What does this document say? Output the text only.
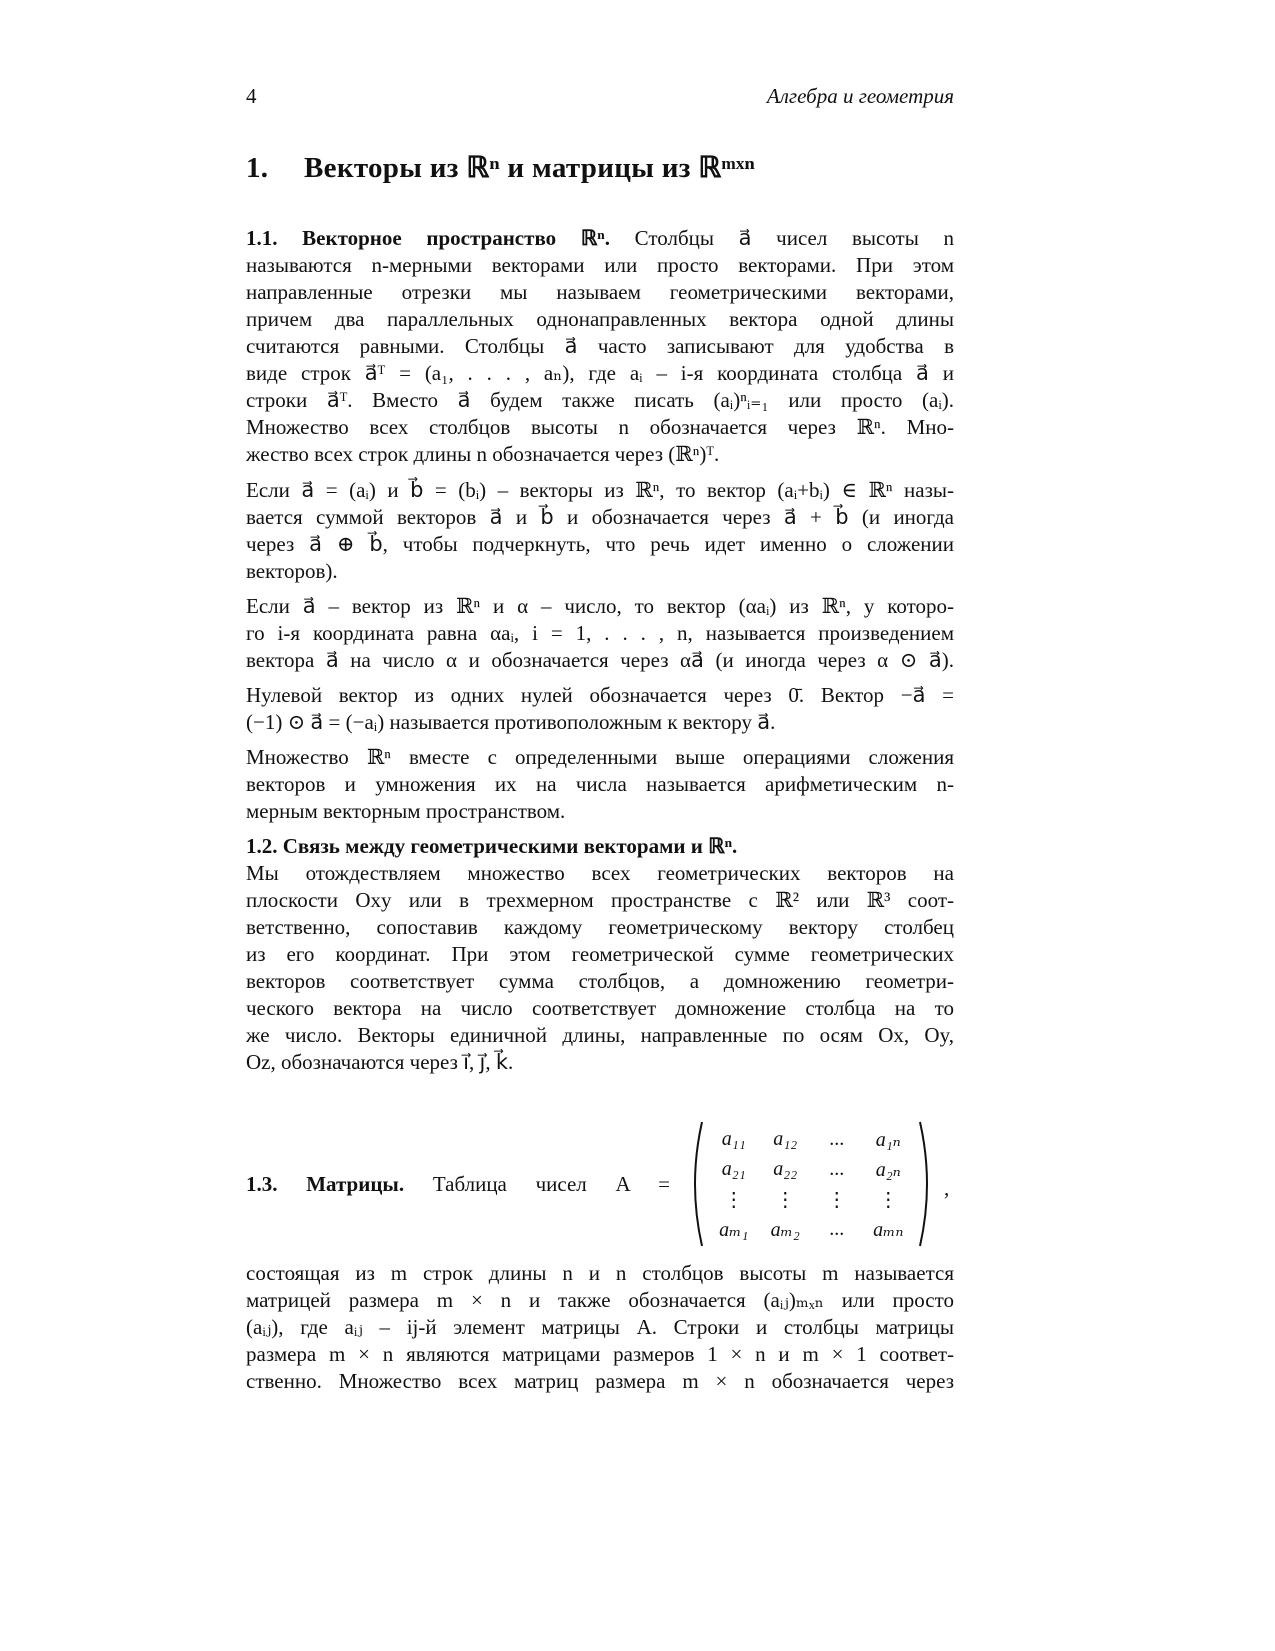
4	Алгебра и геометрия
1. Векторы из ℝⁿ и матрицы из ℝᵐˣⁿ
1.1. Векторное пространство ℝⁿ. Столбцы a⃗ чисел высоты n
называются n-мерными векторами или просто векторами. При этом
направленные отрезки мы называем геометрическими векторами,
причем два параллельных однонаправленных вектора одной длины
считаются равными. Столбцы a⃗ часто записывают для удобства в
виде строк a⃗ᵀ = (a₁, . . . , aₙ), где aᵢ – i-я координата столбца a⃗ и
строки a⃗ᵀ. Вместо a⃗ будем также писать (aᵢ)ⁿᵢ₌₁ или просто (aᵢ).
Множество всех столбцов высоты n обозначается через ℝⁿ. Мно-
жество всех строк длины n обозначается через (ℝⁿ)ᵀ.
Если a⃗ = (aᵢ) и b⃗ = (bᵢ) – векторы из ℝⁿ, то вектор (aᵢ+bᵢ) ∈ ℝⁿ назы-
вается суммой векторов a⃗ и b⃗ и обозначается через a⃗ + b⃗ (и иногда
через a⃗ ⊕ b⃗, чтобы подчеркнуть, что речь идет именно о сложении
векторов).
Если a⃗ – вектор из ℝⁿ и α – число, то вектор (αaᵢ) из ℝⁿ, у которо-
го i-я координата равна αaᵢ, i = 1, . . . , n, называется произведением
вектора a⃗ на число α и обозначается через αa⃗ (и иногда через α ⊙ a⃗).
Нулевой вектор из одних нулей обозначается через 0̄. Вектор −a⃗ =
(−1) ⊙ a⃗ = (−aᵢ) называется противоположным к вектору a⃗.
Множество ℝⁿ вместе с определенными выше операциями сложения
векторов и умножения их на числа называется арифметическим n-
мерным векторным пространством.
1.2. Связь между геометрическими векторами и ℝⁿ.
Мы отождествляем множество всех геометрических векторов на
плоскости Oxy или в трехмерном пространстве с ℝ² или ℝ³ соот-
ветственно, сопоставив каждому геометрическому вектору столбец
из его координат. При этом геометрической сумме геометрических
векторов соответствует сумма столбцов, а домножению геометри-
ческого вектора на число соответствует домножение столбца на то
же число. Векторы единичной длины, направленные по осям Ox, Oy,
Oz, обозначаются через i⃗, j⃗, k⃗.
1.3. Матрицы. Таблица чисел A =
a₁₁	a₁₂	...	a₁ₙ
a₂₁	a₂₂	...	a₂ₙ
⋮	⋮	⋮	⋮
aₘ₁	aₘ₂	...	aₘₙ
,
состоящая из m строк длины n и n столбцов высоты m называется
матрицей размера m × n и также обозначается (aᵢⱼ)ₘₓₙ или просто
(aᵢⱼ), где aᵢⱼ – ij-й элемент матрицы A. Строки и столбцы матрицы
размера m × n являются матрицами размеров 1 × n и m × 1 соответ-
ственно. Множество всех матриц размера m × n обозначается через
